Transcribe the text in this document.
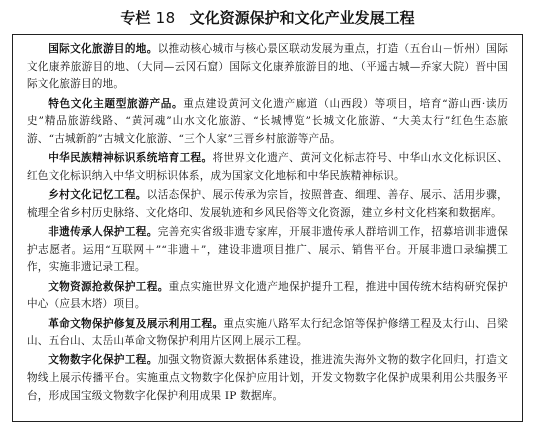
专栏 18 文化资源保护和文化产业发展工程

国际文化旅游目的地。以推动核心城市与核心景区联动发展为重点，打造（五台山－忻州）国际文化康养旅游目的地、（大同—云冈石窟）国际文化康养旅游目的地、（平遥古城—乔家大院）晋中国际文化旅游目的地。

特色文化主题型旅游产品。重点建设黄河文化遗产廊道（山西段）等项目，培育“游山西·读历史”精品旅游线路、“黄河魂”山水文化旅游、“长城博览”长城文化旅游、“大美太行”红色生态旅游、“古城新韵”古城文化旅游、“三个人家”三晋乡村旅游等产品。

中华民族精神标识系统培育工程。将世界文化遗产、黄河文化标志符号、中华山水文化标识区、红色文化标识纳入中华文明标识体系，成为国家文化地标和中华民族精神标识。

乡村文化记忆工程。以活态保护、展示传承为宗旨，按照普查、细理、善存、展示、活用步骤，梳理全省乡村历史脉络、文化烙印、发展轨迹和乡风民俗等文化资源，建立乡村文化档案和数据库。

非遗传承人保护工程。完善充实省级非遗专家库，开展非遗传承人群培训工作，招募培训非遗保护志愿者。运用“互联网＋”“非遗＋”，建设非遗项目推广、展示、销售平台。开展非遗口录编撰工作，实施非遗记录工程。

文物资源抢救保护工程。重点实施世界文化遗产地保护提升工程，推进中国传统木结构研究保护中心（应县木塔）项目。

革命文物保护修复及展示利用工程。重点实施八路军太行纪念馆等保护修缮工程及太行山、吕梁山、五台山、太岳山革命文物保护利用片区网上展示工程。

文物数字化保护工程。加强文物资源大数据体系建设，推进流失海外文物的数字化回归，打造文物线上展示传播平台。实施重点文物数字化保护应用计划，开发文物数字化保护成果利用公共服务平台，形成国宝级文物数字化保护利用成果 IP 数据库。
